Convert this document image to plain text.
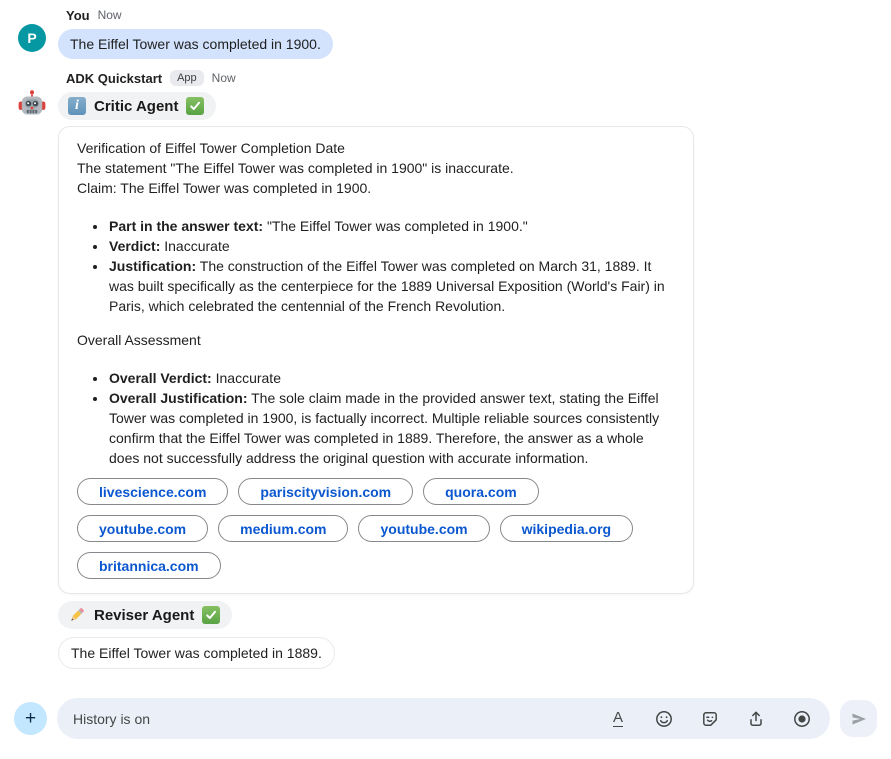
P
You Now
The Eiffel Tower was completed in 1900.
ADK Quickstart	App	Now
i	Critic Agent
Verification of Eiffel Tower Completion Date
The statement "The Eiffel Tower was completed in 1900" is inaccurate.
Claim: The Eiffel Tower was completed in 1900.
• Part in the answer text: "The Eiffel Tower was completed in 1900."
• Verdict: Inaccurate
• Justification: The construction of the Eiffel Tower was completed on March 31, 1889. It was built specifically as the centerpiece for the 1889 Universal Exposition (World's Fair) in Paris, which celebrated the centennial of the French Revolution.
Overall Assessment
• Overall Verdict: Inaccurate
• Overall Justification: The sole claim made in the provided answer text, stating the Eiffel Tower was completed in 1900, is factually incorrect. Multiple reliable sources consistently confirm that the Eiffel Tower was completed in 1889. Therefore, the answer as a whole does not successfully address the original question with accurate information.
livescience.com	pariscityvision.com	quora.com
youtube.com	medium.com	youtube.com	wikipedia.org
britannica.com
Reviser Agent
The Eiffel Tower was completed in 1889.
+
History is on	A
